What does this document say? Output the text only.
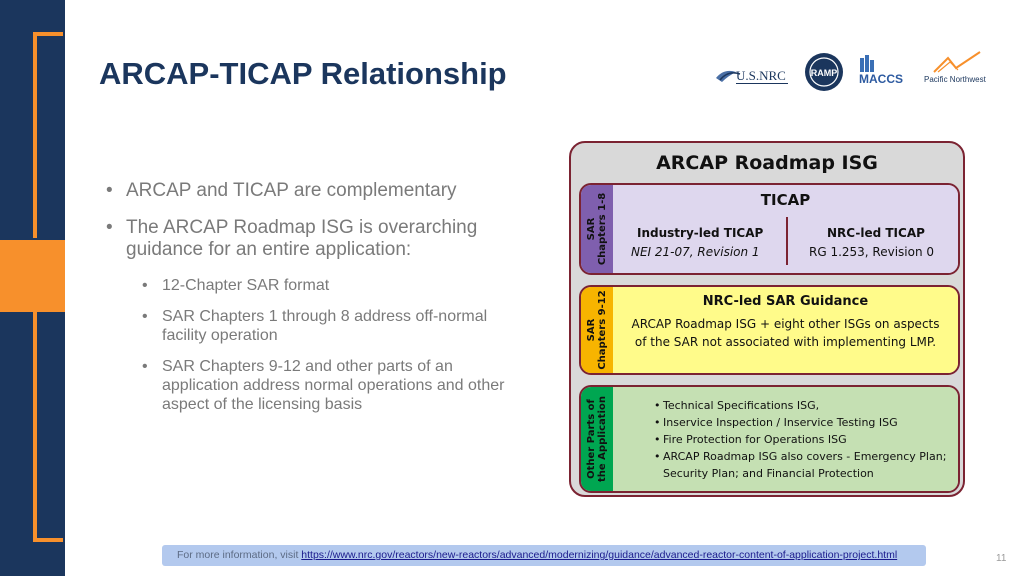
ARCAP-TICAP Relationship	U.S.NRC	RAMP MACCS	Pacific Northwest
• ARCAP and TICAP are complementary
• The ARCAP Roadmap ISG is overarching guidance for an entire application:
• 12-Chapter SAR format
• SAR Chapters 1 through 8 address off-normal facility operation
• SAR Chapters 9-12 and other parts of an application address normal operations and other aspect of the licensing basis
ARCAP Roadmap ISG
SAR Chapters 1-8	TICAP
Industry-led TICAP
NEI 21-07, Revision 1
NRC-led TICAP
RG 1.253, Revision 0
SAR Chapters 9-12	NRC-led SAR Guidance
ARCAP Roadmap ISG + eight other ISGs on aspects of the SAR not associated with implementing LMP.
Other Parts of the Application
•	Technical Specifications ISG,
• Inservice Inspection / Inservice Testing ISG
• Fire Protection for Operations ISG
• ARCAP Roadmap ISG also covers - Emergency Plan; Security Plan; and Financial Protection
For more information, visit https://www.nrc.gov/reactors/new-reactors/advanced/modernizing/guidance/advanced-reactor-content-of-application-project.html	11
